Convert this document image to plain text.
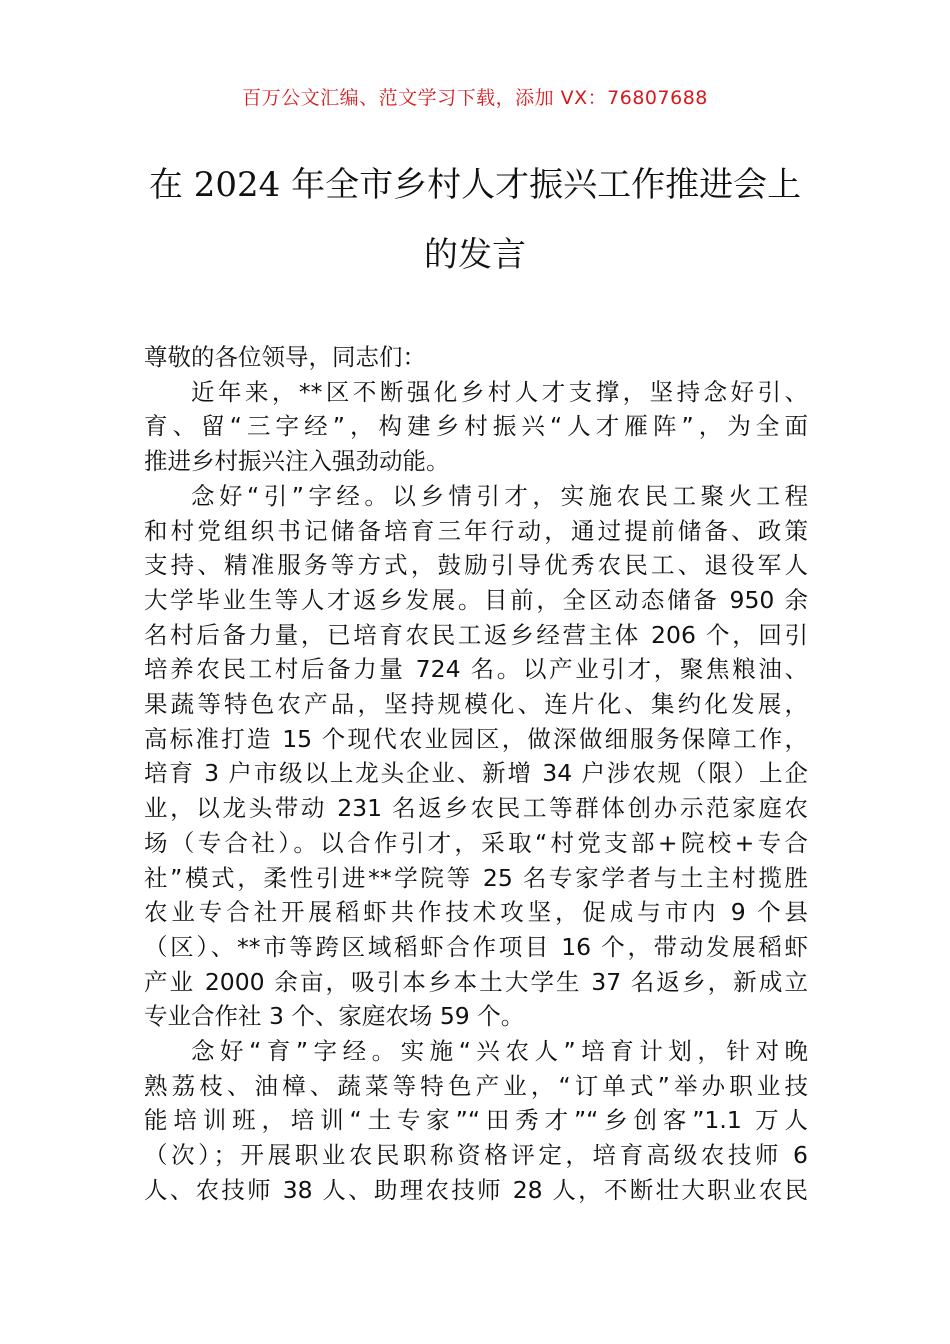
百万公文汇编、范文学习下载，添加 VX：76807688
在 2024 年全市乡村人才振兴工作推进会上
的发言

尊敬的各位领导，同志们：

近年来，**区不断强化乡村人才支撑，坚持念好引、
育、留“三字经”，构建乡村振兴“人才雁阵”，为全面
推进乡村振兴注入强劲动能。

念好“引”字经。以乡情引才，实施农民工聚火工程
和村党组织书记储备培育三年行动，通过提前储备、政策
支持、精准服务等方式，鼓励引导优秀农民工、退役军人
大学毕业生等人才返乡发展。目前，全区动态储备 950 余
名村后备力量，已培育农民工返乡经营主体 206 个，回引
培养农民工村后备力量 724 名。以产业引才，聚焦粮油、
果蔬等特色农产品，坚持规模化、连片化、集约化发展，
高标准打造 15 个现代农业园区，做深做细服务保障工作，
培育 3 户市级以上龙头企业、新增 34 户涉农规（限）上企
业，以龙头带动 231 名返乡农民工等群体创办示范家庭农
场（专合社）。以合作引才，采取“村党支部+院校+专合
社”模式，柔性引进**学院等 25 名专家学者与土主村揽胜
农业专合社开展稻虾共作技术攻坚，促成与市内 9 个县
（区）、**市等跨区域稻虾合作项目 16 个，带动发展稻虾
产业 2000 余亩，吸引本乡本土大学生 37 名返乡，新成立
专业合作社 3 个、家庭农场 59 个。

念好“育”字经。实施“兴农人”培育计划，针对晚
熟荔枝、油樟、蔬菜等特色产业，“订单式”举办职业技
能培训班，培训“土专家”“田秀才”“乡创客”1.1 万人
（次）；开展职业农民职称资格评定，培育高级农技师 6
人、农技师 38 人、助理农技师 28 人，不断壮大职业农民
